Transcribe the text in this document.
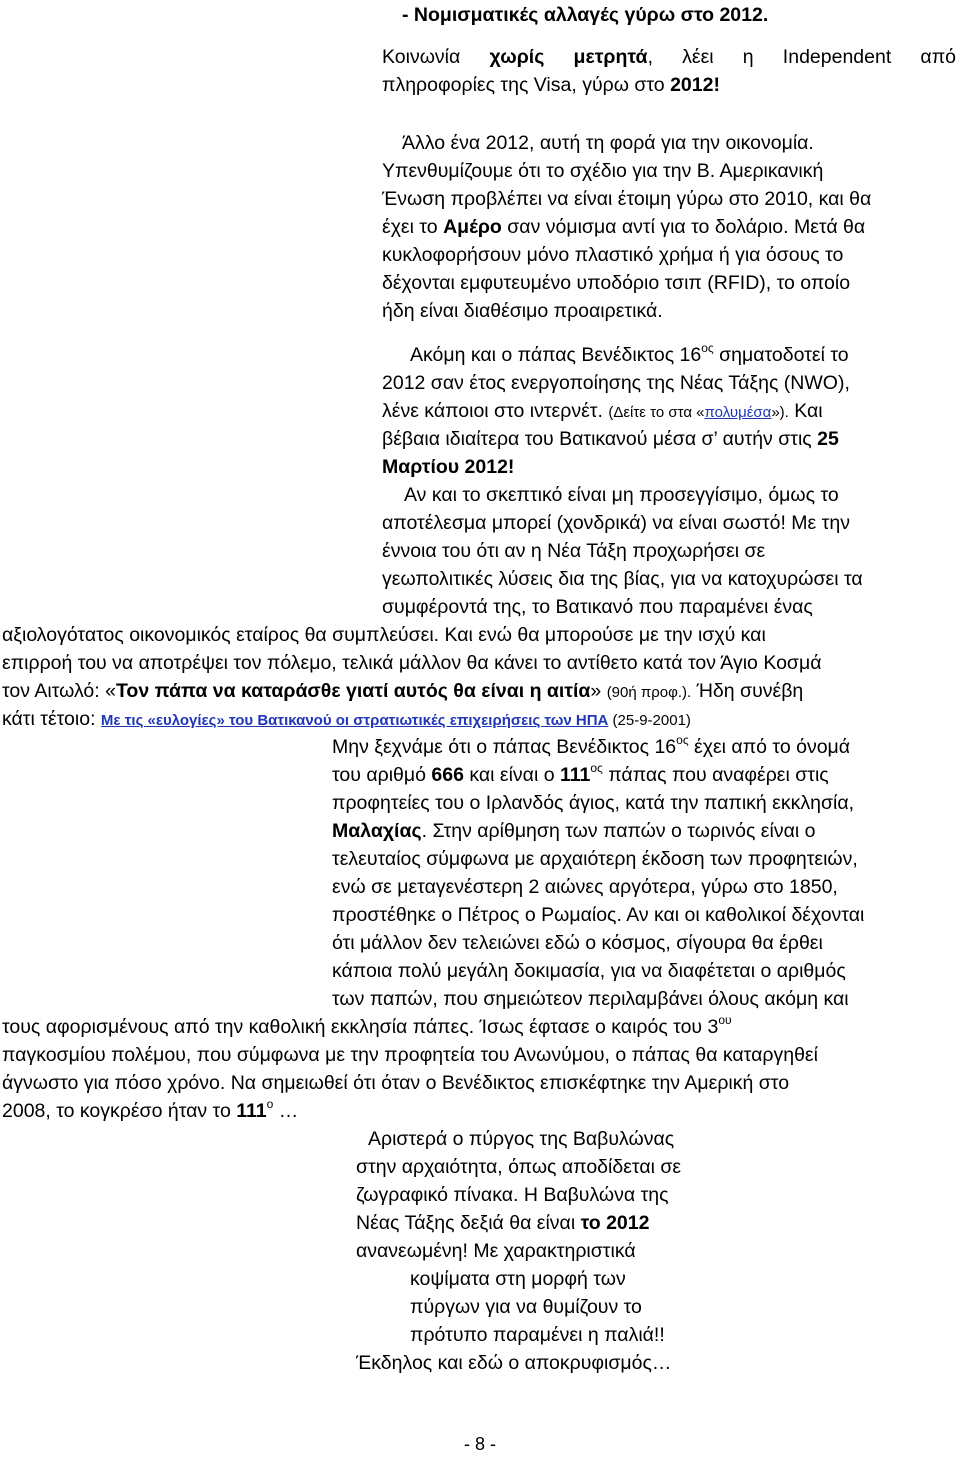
- Νομισματικές αλλαγές γύρω στο 2012.
Κοινωνία χωρίς μετρητά, λέει η Independent από
πληροφορίες της Visa, γύρω στο 2012!
Άλλο ένα 2012, αυτή τη φορά για την οικονομία.
Υπενθυμίζουμε ότι το σχέδιο για την Β. Αμερικανική
Ένωση προβλέπει να είναι έτοιμη γύρω στο 2010, και θα
έχει το Αμέρο σαν νόμισμα αντί για το δολάριο. Μετά θα
κυκλοφορήσουν μόνο πλαστικό χρήμα ή για όσους το
δέχονται εμφυτευμένο υποδόριο τσιπ (RFID), το οποίο
ήδη είναι διαθέσιμο προαιρετικά.
Ακόμη και ο πάπας Βενέδικτος $16^{o\varsigma}$ σηματοδοτεί το
2012 σαν έτος ενεργοποίησης της Νέας Τάξης (NWO),
λένε κάποιοι στο ιντερνέτ. (Δείτε το στα «πολυμέσα»). Και
βέβαια ιδιαίτερα του Βατικανού μέσα σ’ αυτήν στις 25
Μαρτίου 2012!
Αν και το σκεπτικό είναι μη προσεγγίσιμο, όμως το
αποτέλεσμα μπορεί (χονδρικά) να είναι σωστό! Με την
έννοια του ότι αν η Νέα Τάξη προχωρήσει σε
γεωπολιτικές λύσεις δια της βίας, για να κατοχυρώσει τα
συμφέροντά της, το Βατικανό που παραμένει ένας
αξιολογότατος οικονομικός εταίρος θα συμπλεύσει. Και ενώ θα μπορούσε με την ισχύ και
επιρροή του να αποτρέψει τον πόλεμο, τελικά μάλλον θα κάνει το αντίθετο κατά τον Άγιο Κοσμά
τον Αιτωλό: «Τον πάπα να καταράσθε γιατί αυτός θα είναι η αιτία» (90ή προφ.). Ήδη συνέβη
κάτι τέτοιο: Με τις «ευλογίες» του Βατικανού οι στρατιωτικές επιχειρήσεις των ΗΠΑ (25-9-2001)
Μην ξεχνάμε ότι ο πάπας Βενέδικτος $16^{o\varsigma}$ έχει από το όνομά
του αριθμό 666 και είναι ο $111^{o\varsigma}$ πάπας που αναφέρει στις
προφητείες του ο Ιρλανδός άγιος, κατά την παπική εκκλησία,
Μαλαχίας. Στην αρίθμηση των παπών ο τωρινός είναι ο
τελευταίος σύμφωνα με αρχαιότερη έκδοση των προφητειών,
ενώ σε μεταγενέστερη 2 αιώνες αργότερα, γύρω στο 1850,
προστέθηκε ο Πέτρος ο Ρωμαίος. Αν και οι καθολικοί δέχονται
ότι μάλλον δεν τελειώνει εδώ ο κόσμος, σίγουρα θα έρθει
κάποια πολύ μεγάλη δοκιμασία, για να διαφέτεται ο αριθμός
των παπών, που σημειώτεον περιλαμβάνει όλους ακόμη και
τους αφορισμένους από την καθολική εκκλησία πάπες. Ίσως έφτασε ο καιρός του $3^{o\upsilon}$
παγκοσμίου πολέμου, που σύμφωνα με την προφητεία του Ανωνύμου, ο πάπας θα καταργηθεί
άγνωστο για πόσο χρόνο. Να σημειωθεί ότι όταν ο Βενέδικτος επισκέφτηκε την Αμερική στο
2008, το κογκρέσο ήταν το $111^o$ …
Αριστερά ο πύργος της Βαβυλώνας
στην αρχαιότητα, όπως αποδίδεται σε
ζωγραφικό πίνακα. Η Βαβυλώνα της
Νέας Τάξης δεξιά θα είναι το 2012
ανανεωμένη! Με χαρακτηριστικά
κοψίματα στη μορφή των
πύργων για να θυμίζουν το
πρότυπο παραμένει η παλιά!!
Έκδηλος και εδώ ο αποκρυφισμός…
- 8 -
